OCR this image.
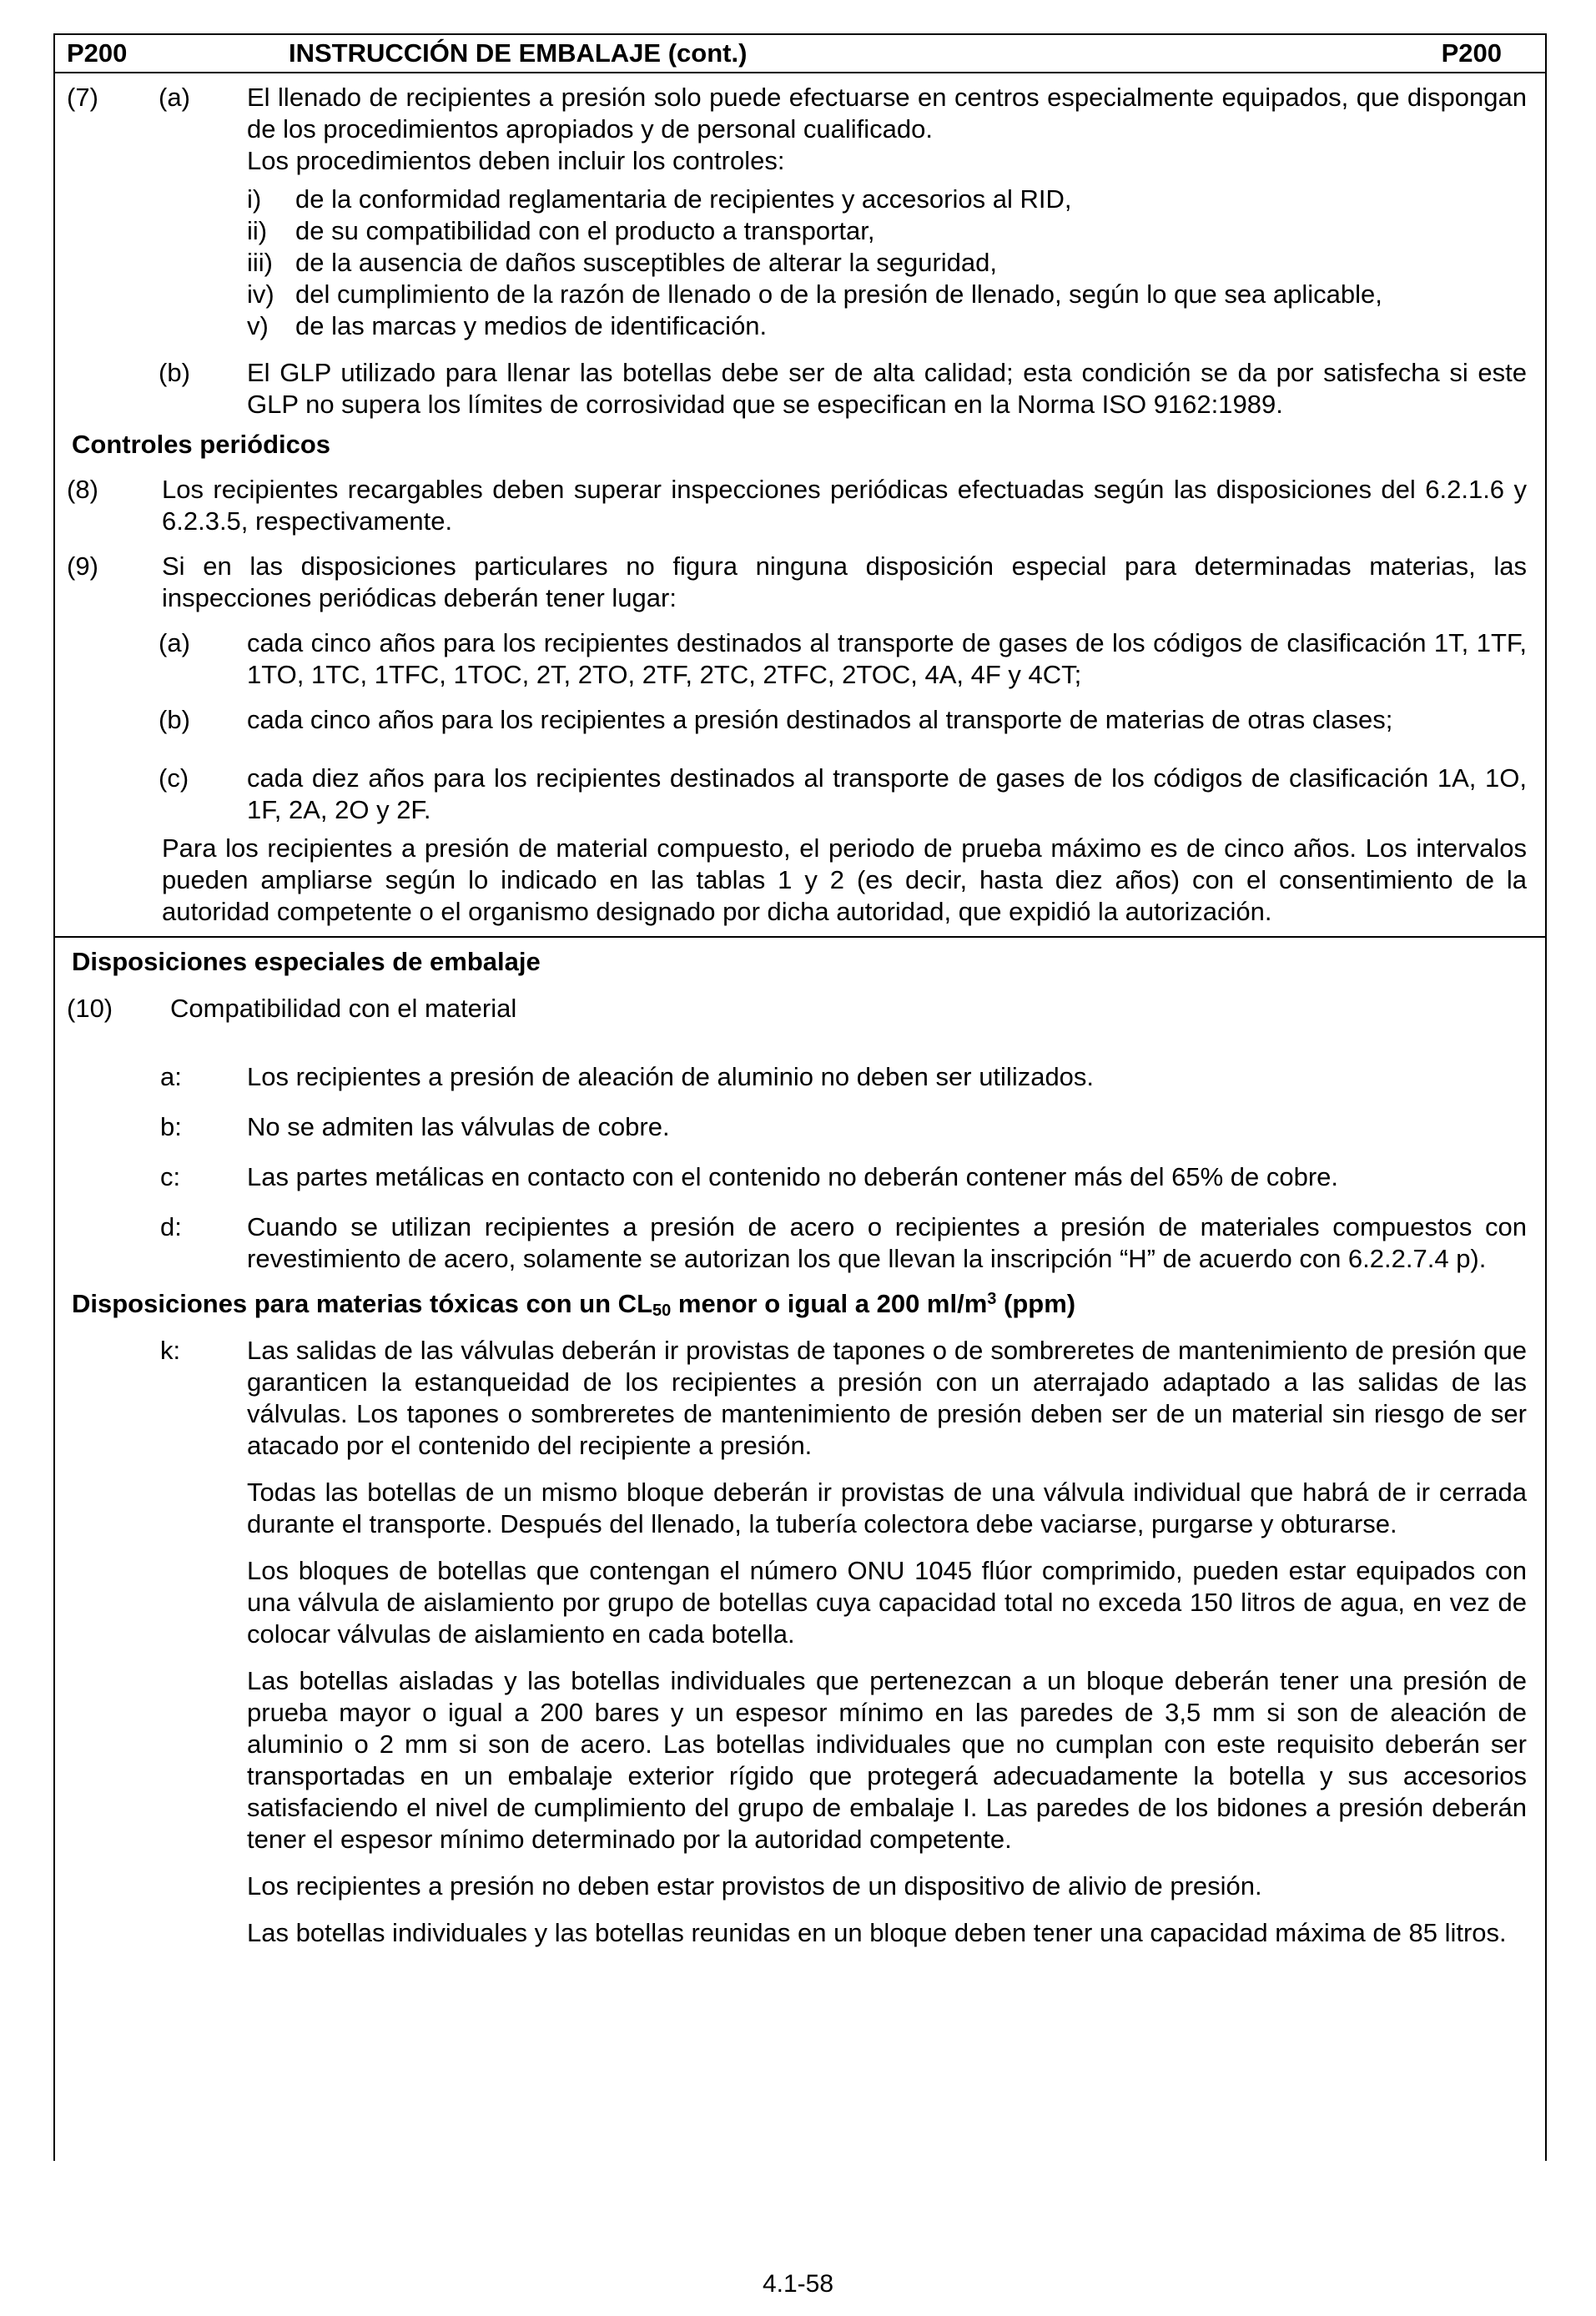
P200	INSTRUCCIÓN DE EMBALAJE (cont.)	P200
(7) (a) El llenado de recipientes a presión solo puede efectuarse en centros especialmente equipados, que dispongan de los procedimientos apropiados y de personal cualificado.
Los procedimientos deben incluir los controles:
i) de la conformidad reglamentaria de recipientes y accesorios al RID,
ii) de su compatibilidad con el producto a transportar,
iii) de la ausencia de daños susceptibles de alterar la seguridad,
iv) del cumplimiento de la razón de llenado o de la presión de llenado, según lo que sea aplicable,
v) de las marcas y medios de identificación.
(b) El GLP utilizado para llenar las botellas debe ser de alta calidad; esta condición se da por satisfecha si este GLP no supera los límites de corrosividad que se especifican en la Norma ISO 9162:1989.
Controles periódicos
(8) Los recipientes recargables deben superar inspecciones periódicas efectuadas según las disposiciones del 6.2.1.6 y 6.2.3.5, respectivamente.
(9) Si en las disposiciones particulares no figura ninguna disposición especial para determinadas materias, las inspecciones periódicas deberán tener lugar:
(a) cada cinco años para los recipientes destinados al transporte de gases de los códigos de clasificación 1T, 1TF, 1TO, 1TC, 1TFC, 1TOC, 2T, 2TO, 2TF, 2TC, 2TFC, 2TOC, 4A, 4F y 4CT;
(b) cada cinco años para los recipientes a presión destinados al transporte de materias de otras clases;
(c) cada diez años para los recipientes destinados al transporte de gases de los códigos de clasificación 1A, 1O, 1F, 2A, 2O y 2F.
Para los recipientes a presión de material compuesto, el periodo de prueba máximo es de cinco años. Los intervalos pueden ampliarse según lo indicado en las tablas 1 y 2 (es decir, hasta diez años) con el consentimiento de la autoridad competente o el organismo designado por dicha autoridad, que expidió la autorización.
Disposiciones especiales de embalaje
(10) Compatibilidad con el material
a:	Los recipientes a presión de aleación de aluminio no deben ser utilizados.
b:	No se admiten las válvulas de cobre.
c:	Las partes metálicas en contacto con el contenido no deberán contener más del 65% de cobre.
d:	Cuando se utilizan recipientes a presión de acero o recipientes a presión de materiales compuestos con revestimiento de acero, solamente se autorizan los que llevan la inscripción “H” de acuerdo con 6.2.2.7.4 p).
Disposiciones para materias tóxicas con un $CL_{50}$ menor o igual a 200 $ml/m^3$ (ppm)
k:	Las salidas de las válvulas deberán ir provistas de tapones o de sombreretes de mantenimiento de presión que garanticen la estanqueidad de los recipientes a presión con un aterrajado adaptado a las salidas de las válvulas. Los tapones o sombreretes de mantenimiento de presión deben ser de un material sin riesgo de ser atacado por el contenido del recipiente a presión.
Todas las botellas de un mismo bloque deberán ir provistas de una válvula individual que habrá de ir cerrada durante el transporte. Después del llenado, la tubería colectora debe vaciarse, purgarse y obturarse.
Los bloques de botellas que contengan el número ONU 1045 flúor comprimido, pueden estar equipados con una válvula de aislamiento por grupo de botellas cuya capacidad total no exceda 150 litros de agua, en vez de colocar válvulas de aislamiento en cada botella.
Las botellas aisladas y las botellas individuales que pertenezcan a un bloque deberán tener una presión de prueba mayor o igual a 200 bares y un espesor mínimo en las paredes de 3,5 mm si son de aleación de aluminio o 2 mm si son de acero. Las botellas individuales que no cumplan con este requisito deberán ser transportadas en un embalaje exterior rígido que protegerá adecuadamente la botella y sus accesorios satisfaciendo el nivel de cumplimiento del grupo de embalaje I. Las paredes de los bidones a presión deberán tener el espesor mínimo determinado por la autoridad competente.
Los recipientes a presión no deben estar provistos de un dispositivo de alivio de presión.
Las botellas individuales y las botellas reunidas en un bloque deben tener una capacidad máxima de 85 litros.
4.1-58
